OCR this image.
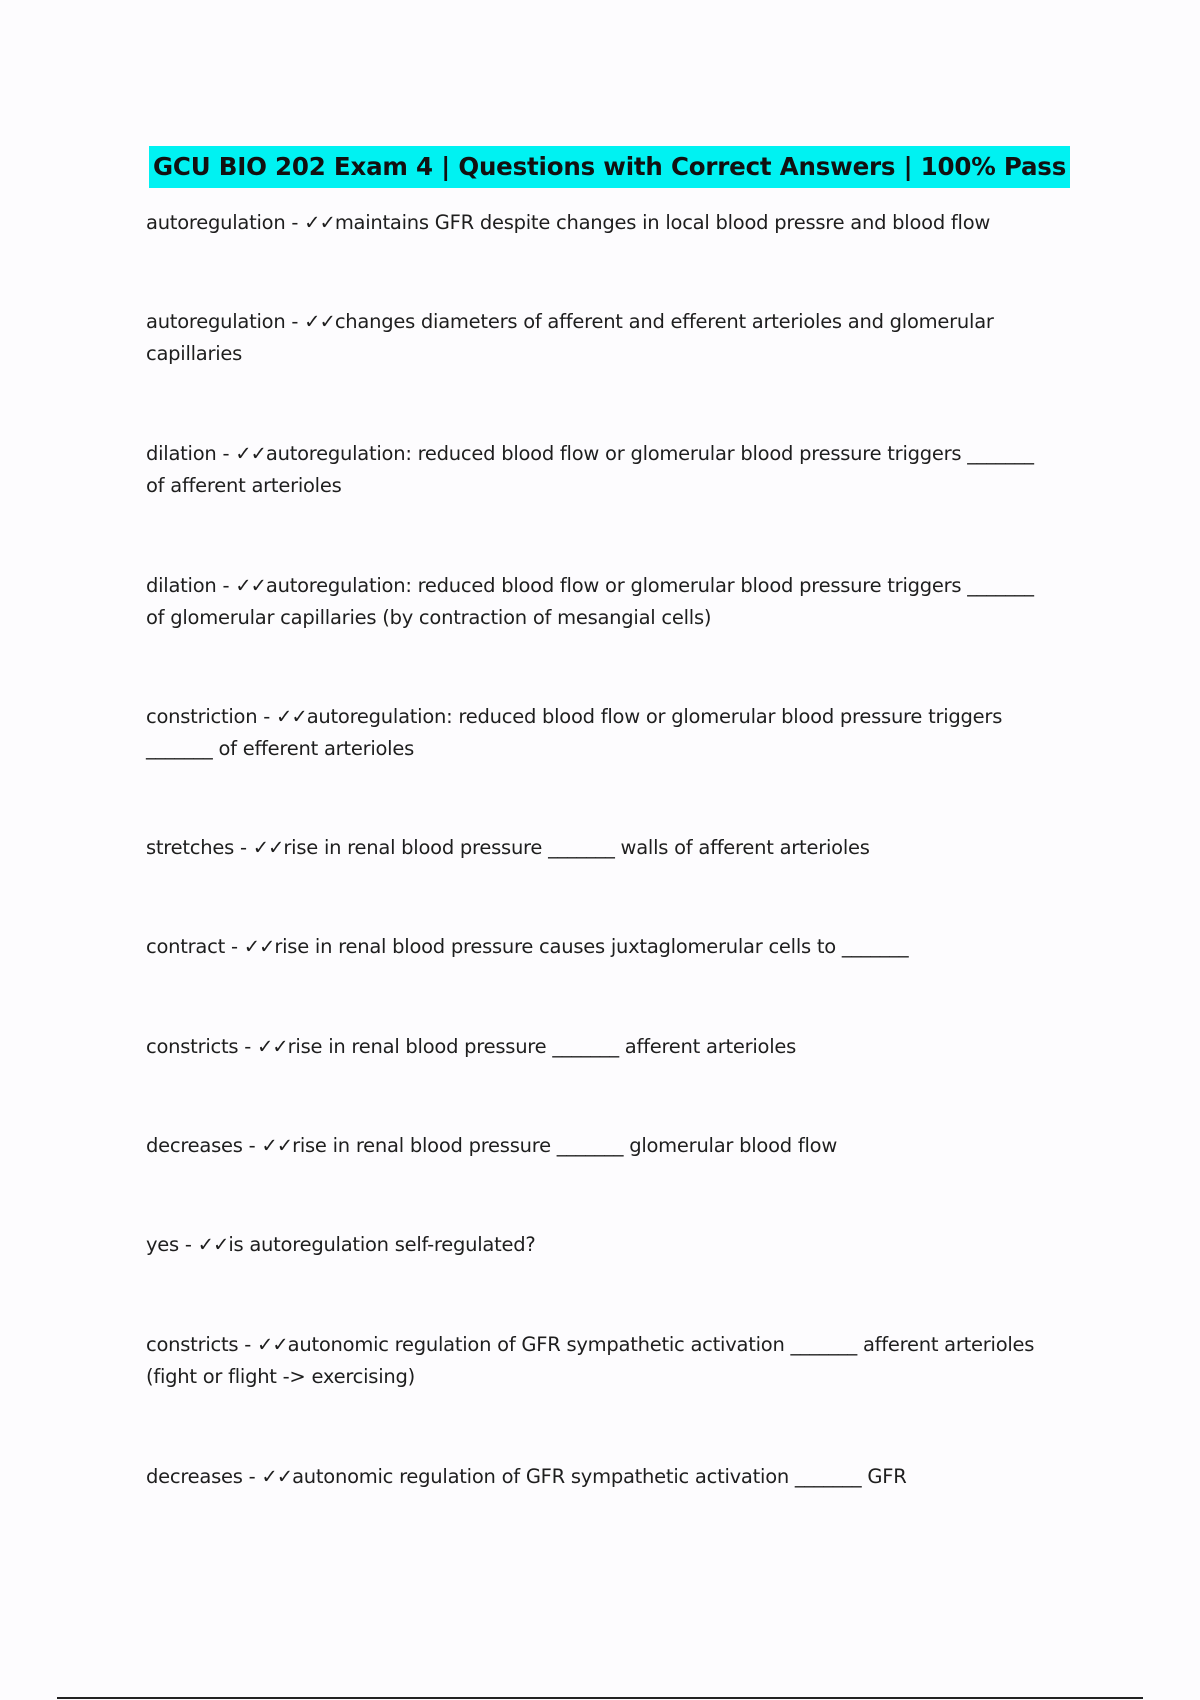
GCU BIO 202 Exam 4 | Questions with Correct Answers | 100% Pass
autoregulation - ✓✓maintains GFR despite changes in local blood pressre and blood flow
autoregulation - ✓✓changes diameters of afferent and efferent arterioles and glomerular capillaries
dilation - ✓✓autoregulation: reduced blood flow or glomerular blood pressure triggers _______ of afferent arterioles
dilation - ✓✓autoregulation: reduced blood flow or glomerular blood pressure triggers _______ of glomerular capillaries (by contraction of mesangial cells)
constriction - ✓✓autoregulation: reduced blood flow or glomerular blood pressure triggers _______ of efferent arterioles
stretches - ✓✓rise in renal blood pressure _______ walls of afferent arterioles
contract - ✓✓rise in renal blood pressure causes juxtaglomerular cells to _______
constricts - ✓✓rise in renal blood pressure _______ afferent arterioles
decreases - ✓✓rise in renal blood pressure _______ glomerular blood flow
yes - ✓✓is autoregulation self-regulated?
constricts - ✓✓autonomic regulation of GFR sympathetic activation _______ afferent arterioles (fight or flight -> exercising)
decreases - ✓✓autonomic regulation of GFR sympathetic activation _______ GFR
